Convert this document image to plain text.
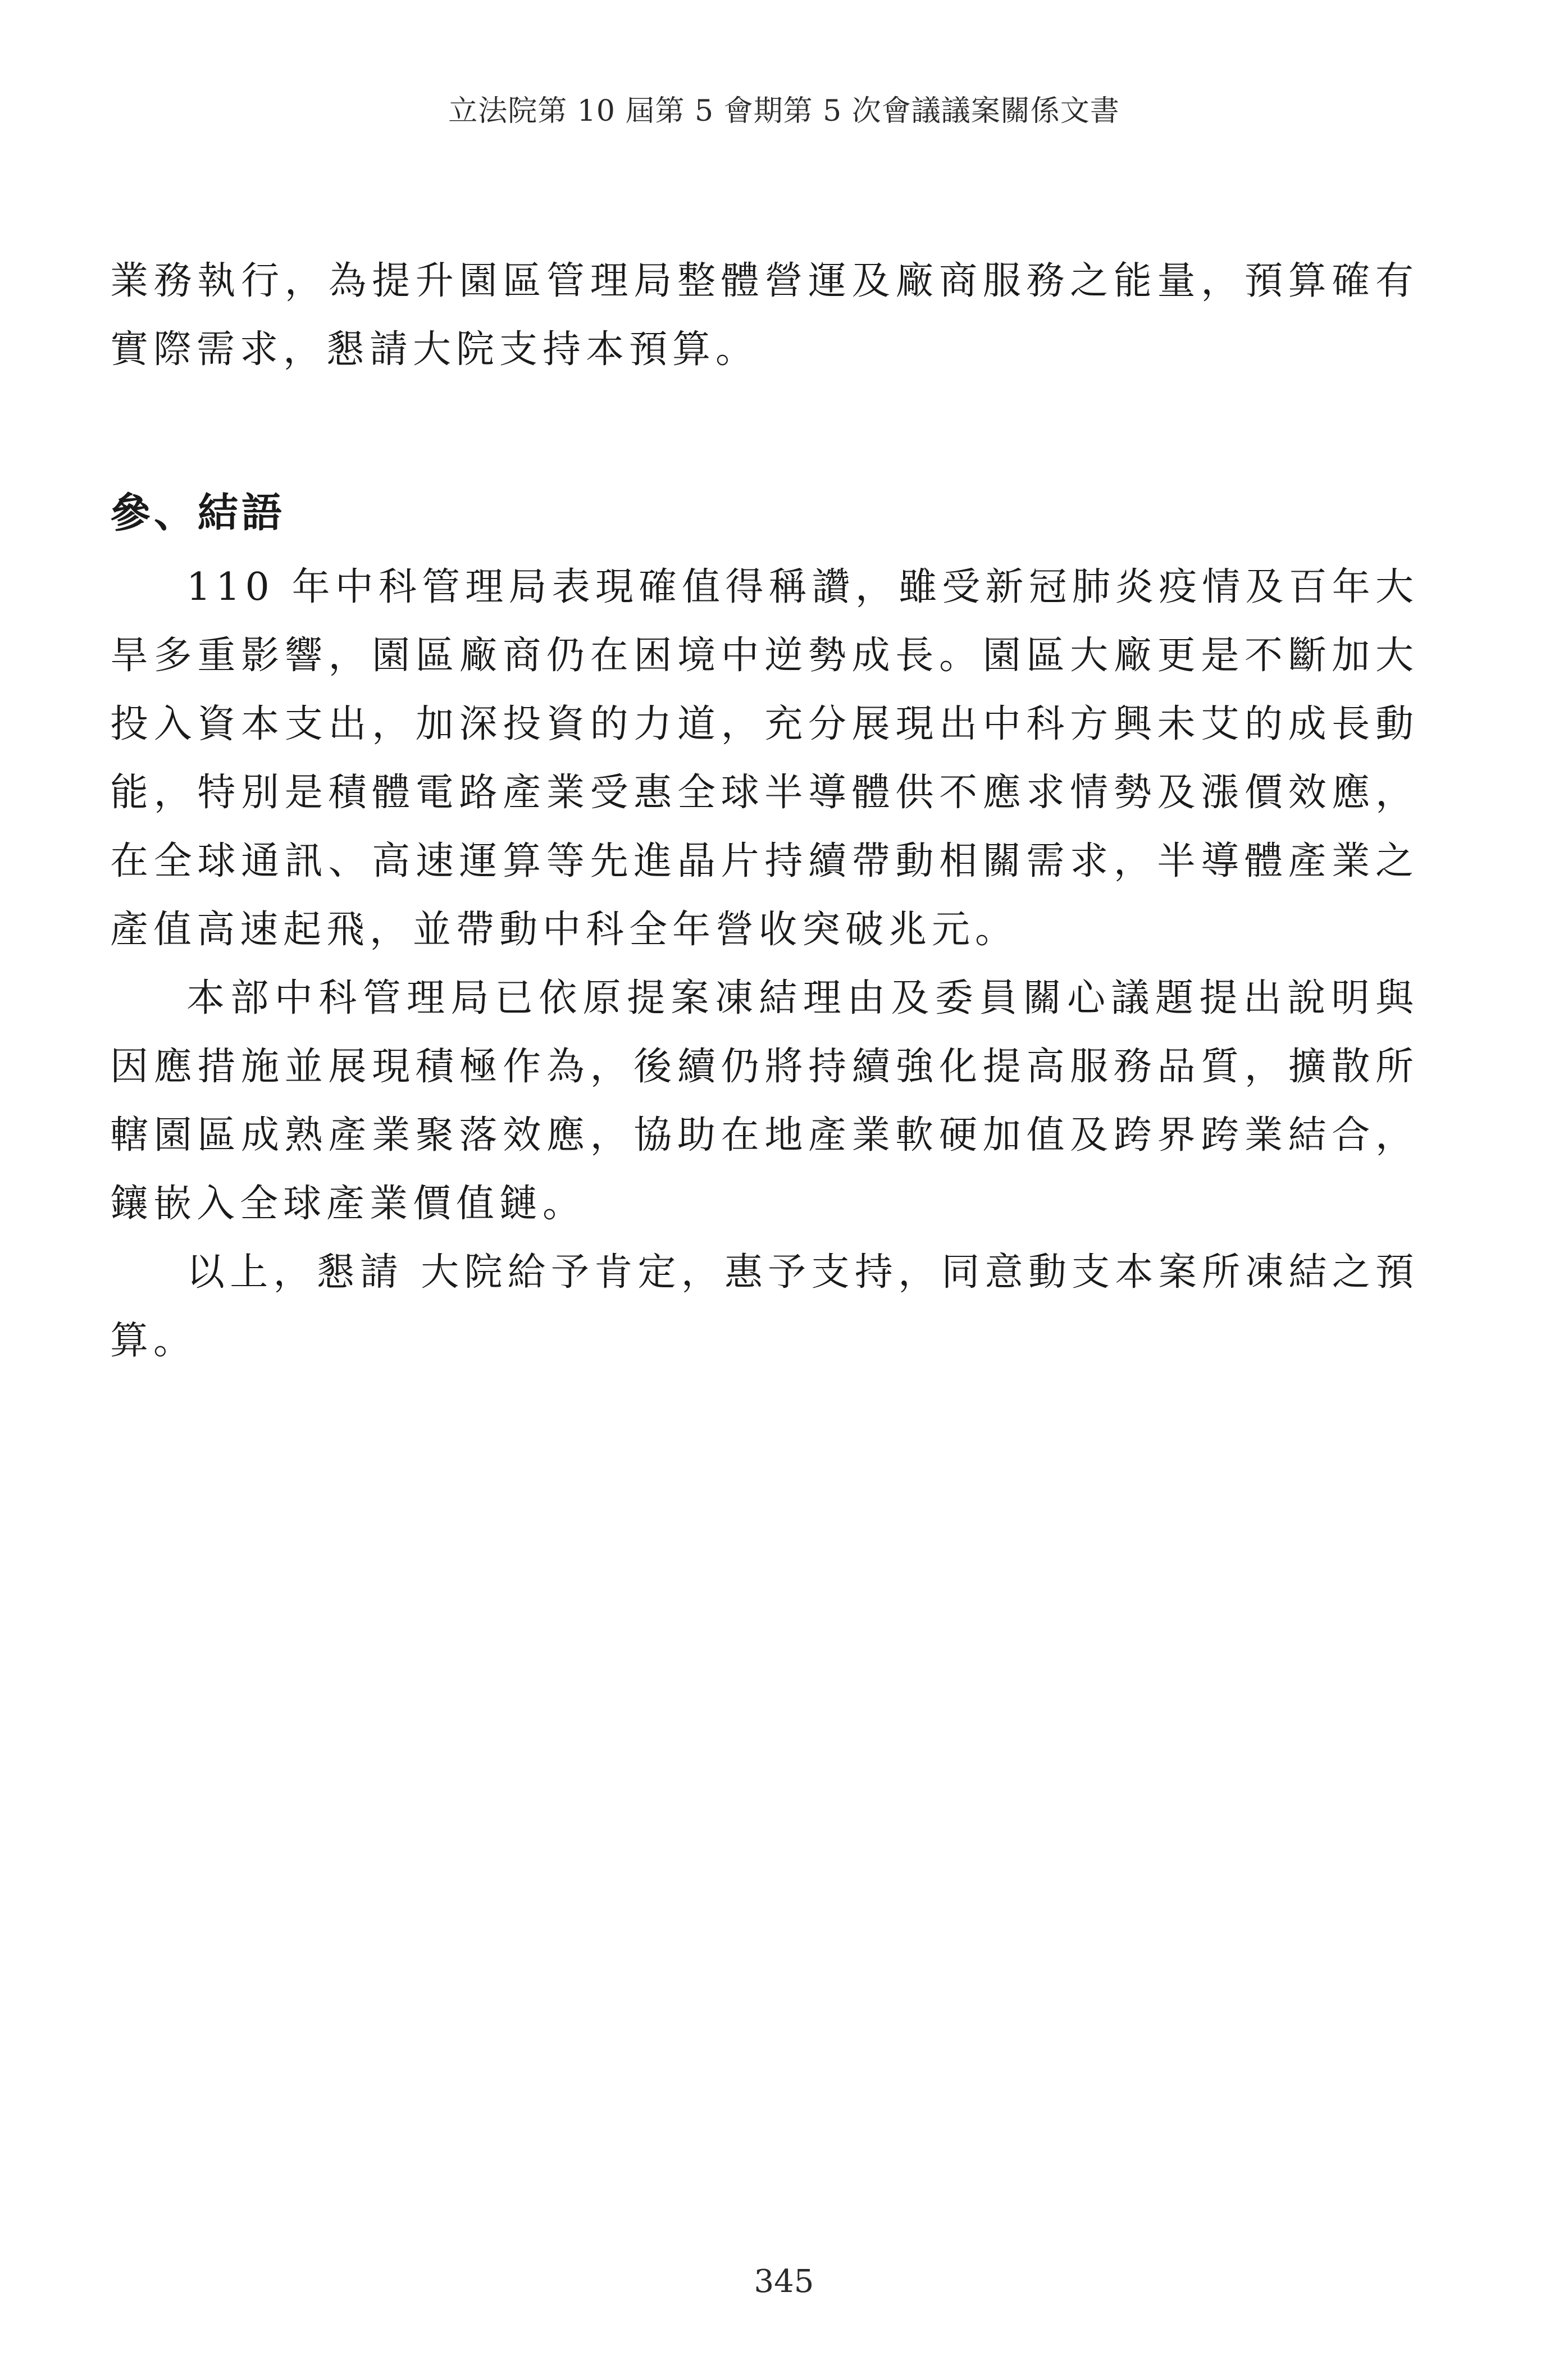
立法院第 10 屆第 5 會期第 5 次會議議案關係文書
業務執行，為提升園區管理局整體營運及廠商服務之能量，預算確有實際需求，懇請大院支持本預算。
參、結語

110 年中科管理局表現確值得稱讚，雖受新冠肺炎疫情及百年大旱多重影響，園區廠商仍在困境中逆勢成長。園區大廠更是不斷加大投入資本支出，加深投資的力道，充分展現出中科方興未艾的成長動能，特別是積體電路產業受惠全球半導體供不應求情勢及漲價效應，在全球通訊、高速運算等先進晶片持續帶動相關需求，半導體產業之產值高速起飛，並帶動中科全年營收突破兆元。

本部中科管理局已依原提案凍結理由及委員關心議題提出說明與因應措施並展現積極作為，後續仍將持續強化提高服務品質，擴散所轄園區成熟產業聚落效應，協助在地產業軟硬加值及跨界跨業結合，鑲嵌入全球產業價值鏈。

以上，懇請 大院給予肯定，惠予支持，同意動支本案所凍結之預算。

345
